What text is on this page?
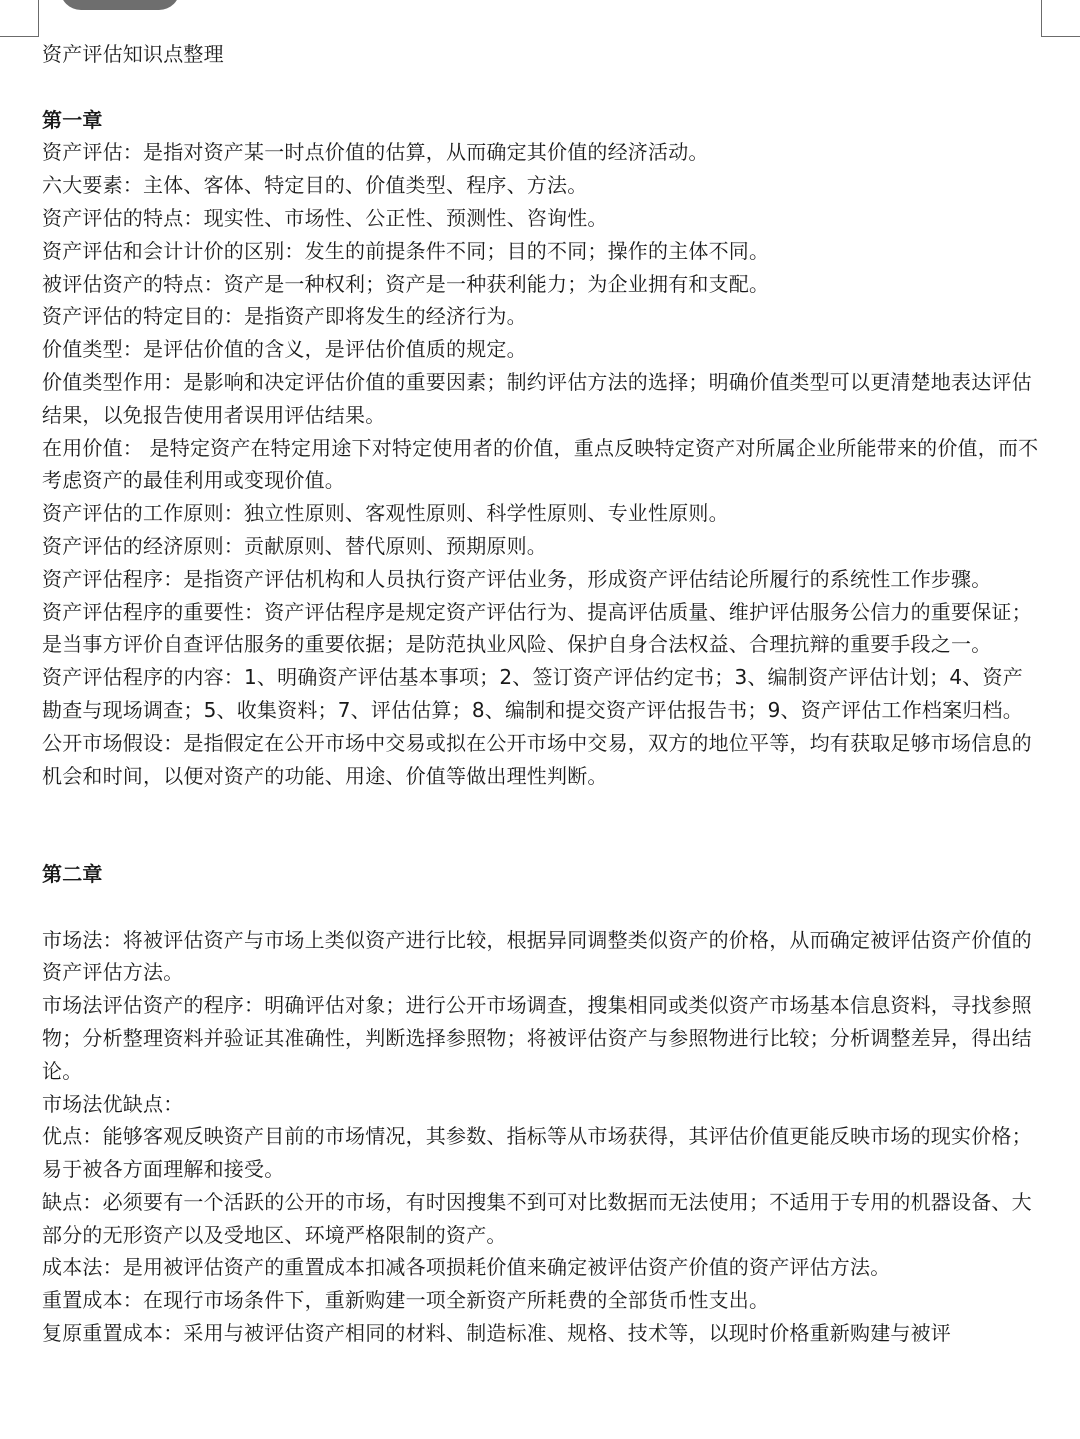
资产评估知识点整理

第一章

资产评估：是指对资产某一时点价值的估算，从而确定其价值的经济活动。

六大要素：主体、客体、特定目的、价值类型、程序、方法。

资产评估的特点：现实性、市场性、公正性、预测性、咨询性。

资产评估和会计计价的区别：发生的前提条件不同；目的不同；操作的主体不同。

被评估资产的特点：资产是一种权利；资产是一种获利能力；为企业拥有和支配。

资产评估的特定目的：是指资产即将发生的经济行为。

价值类型：是评估价值的含义，是评估价值质的规定。

价值类型作用：是影响和决定评估价值的重要因素；制约评估方法的选择；明确价值类型可以更清楚地表达评估结果，以免报告使用者误用评估结果。

在用价值： 是特定资产在特定用途下对特定使用者的价值，重点反映特定资产对所属企业所能带来的价值，而不考虑资产的最佳利用或变现价值。

资产评估的工作原则：独立性原则、客观性原则、科学性原则、专业性原则。

资产评估的经济原则：贡献原则、替代原则、预期原则。

资产评估程序：是指资产评估机构和人员执行资产评估业务，形成资产评估结论所履行的系统性工作步骤。

资产评估程序的重要性：资产评估程序是规定资产评估行为、提高评估质量、维护评估服务公信力的重要保证；是当事方评价自查评估服务的重要依据；是防范执业风险、保护自身合法权益、合理抗辩的重要手段之一。

资产评估程序的内容：1、明确资产评估基本事项；2、签订资产评估约定书；3、编制资产评估计划；4、资产勘查与现场调查；5、收集资料；7、评估估算；8、编制和提交资产评估报告书；9、资产评估工作档案归档。

公开市场假设：是指假定在公开市场中交易或拟在公开市场中交易，双方的地位平等，均有获取足够市场信息的机会和时间，以便对资产的功能、用途、价值等做出理性判断。

第二章

市场法：将被评估资产与市场上类似资产进行比较，根据异同调整类似资产的价格，从而确定被评估资产价值的资产评估方法。

市场法评估资产的程序：明确评估对象；进行公开市场调查，搜集相同或类似资产市场基本信息资料，寻找参照物；分析整理资料并验证其准确性，判断选择参照物；将被评估资产与参照物进行比较；分析调整差异，得出结论。

市场法优缺点：

优点：能够客观反映资产目前的市场情况，其参数、指标等从市场获得，其评估价值更能反映市场的现实价格；易于被各方面理解和接受。

缺点：必须要有一个活跃的公开的市场，有时因搜集不到可对比数据而无法使用；不适用于专用的机器设备、大部分的无形资产以及受地区、环境严格限制的资产。

成本法：是用被评估资产的重置成本扣减各项损耗价值来确定被评估资产价值的资产评估方法。

重置成本：在现行市场条件下，重新购建一项全新资产所耗费的全部货币性支出。

复原重置成本：采用与被评估资产相同的材料、制造标准、规格、技术等，以现时价格重新购建与被评
